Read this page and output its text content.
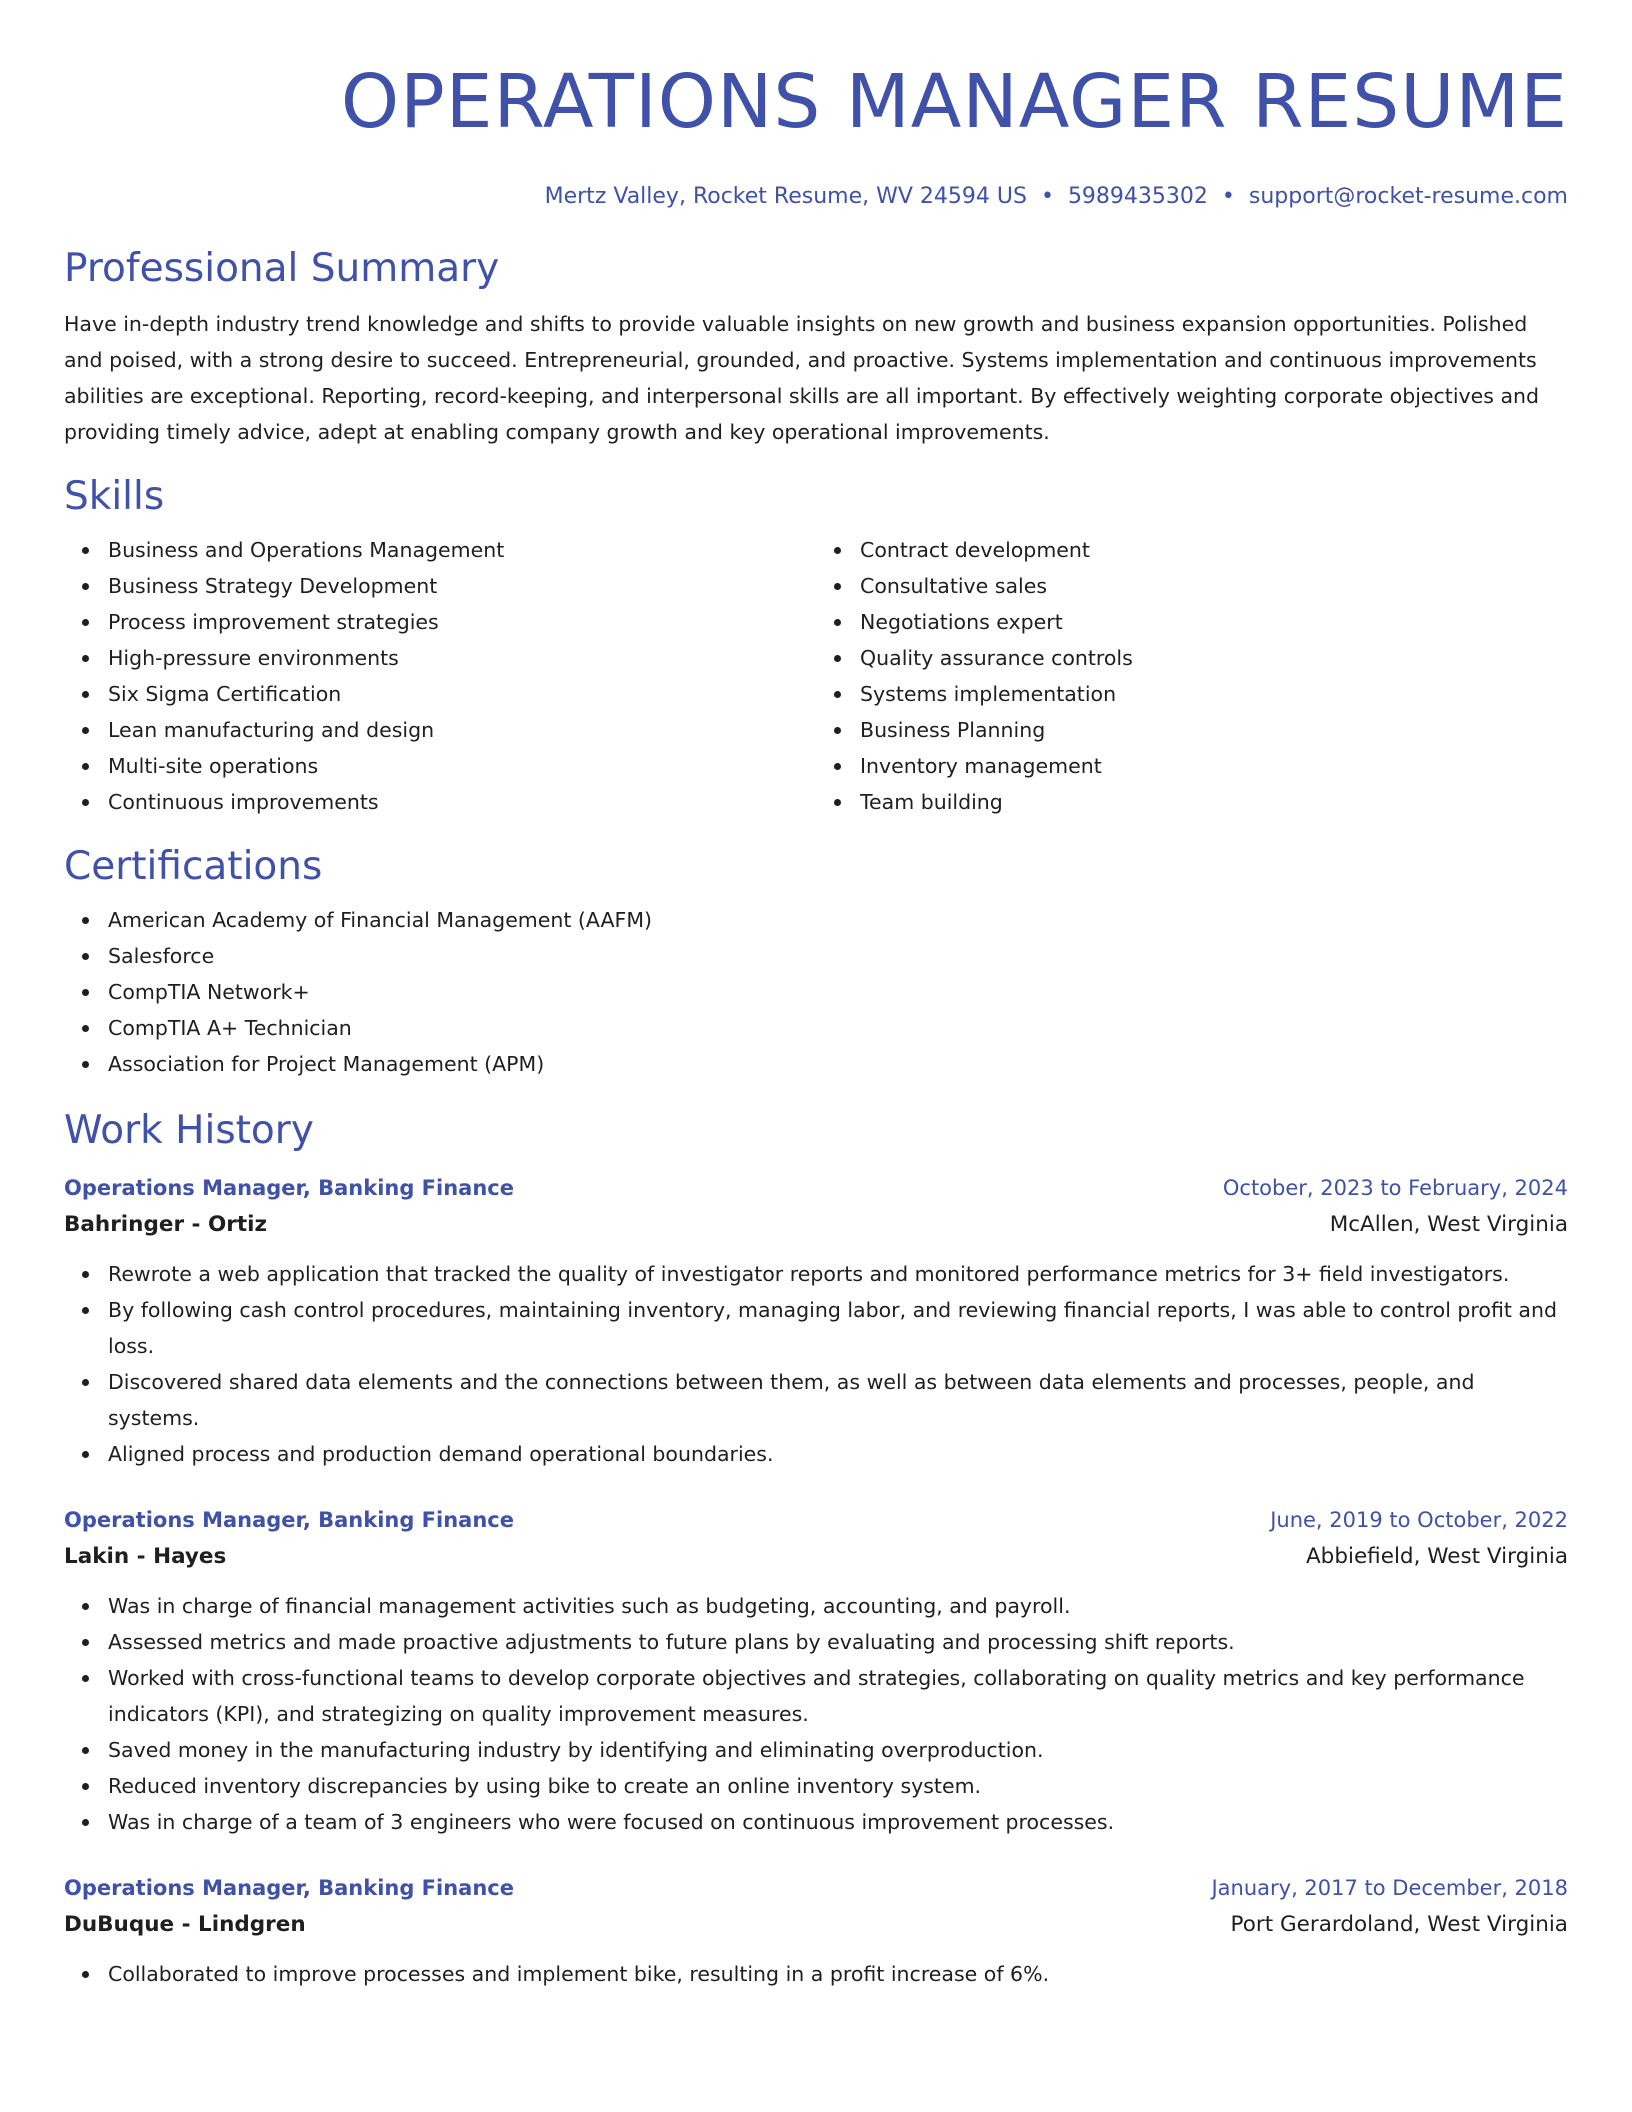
OPERATIONS MANAGER RESUME
Mertz Valley, Rocket Resume, WV 24594 US • 5989435302 • support@rocket-resume.com
Professional Summary
Have in-depth industry trend knowledge and shifts to provide valuable insights on new growth and business expansion opportunities. Polished and poised, with a strong desire to succeed. Entrepreneurial, grounded, and proactive. Systems implementation and continuous improvements abilities are exceptional. Reporting, record-keeping, and interpersonal skills are all important. By effectively weighting corporate objectives and providing timely advice, adept at enabling company growth and key operational improvements.
Skills
Business and Operations Management
Business Strategy Development
Process improvement strategies
High-pressure environments
Six Sigma Certification
Lean manufacturing and design
Multi-site operations
Continuous improvements
Contract development
Consultative sales
Negotiations expert
Quality assurance controls
Systems implementation
Business Planning
Inventory management
Team building
Certifications
American Academy of Financial Management (AAFM)
Salesforce
CompTIA Network+
CompTIA A+ Technician
Association for Project Management (APM)
Work History
Operations Manager, Banking Finance	October, 2023 to February, 2024
Bahringer - Ortiz	McAllen, West Virginia
Rewrote a web application that tracked the quality of investigator reports and monitored performance metrics for 3+ field investigators.
By following cash control procedures, maintaining inventory, managing labor, and reviewing financial reports, I was able to control profit and loss.
Discovered shared data elements and the connections between them, as well as between data elements and processes, people, and systems.
Aligned process and production demand operational boundaries.
Operations Manager, Banking Finance	June, 2019 to October, 2022
Lakin - Hayes	Abbiefield, West Virginia
Was in charge of financial management activities such as budgeting, accounting, and payroll.
Assessed metrics and made proactive adjustments to future plans by evaluating and processing shift reports.
Worked with cross-functional teams to develop corporate objectives and strategies, collaborating on quality metrics and key performance indicators (KPI), and strategizing on quality improvement measures.
Saved money in the manufacturing industry by identifying and eliminating overproduction.
Reduced inventory discrepancies by using bike to create an online inventory system.
Was in charge of a team of 3 engineers who were focused on continuous improvement processes.
Operations Manager, Banking Finance	January, 2017 to December, 2018
DuBuque - Lindgren	Port Gerardoland, West Virginia
Collaborated to improve processes and implement bike, resulting in a profit increase of 6%.
